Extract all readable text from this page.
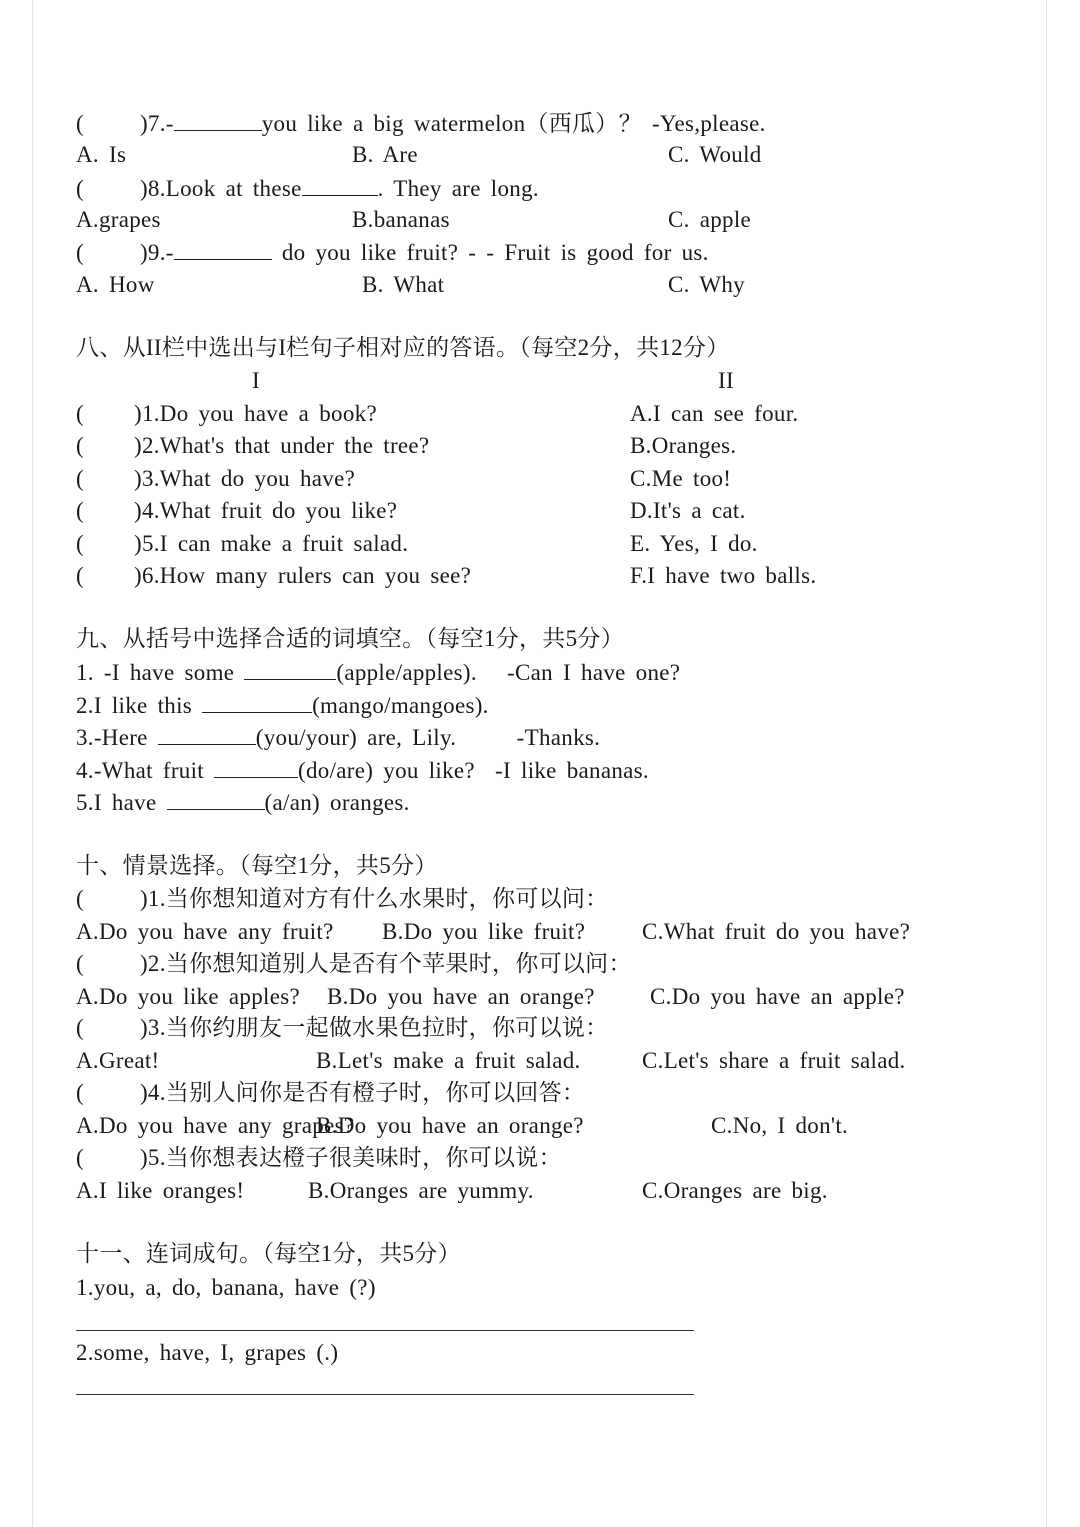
( )7.-	you like a big watermelon（西瓜）？ -Yes,please.
A. Is	B. Are	C. Would
( )8.Look at these	. They are long.
A.grapes	B.bananas	C. apple
( )9.-	do you like fruit? - - Fruit is good for us.
A. How	B. What	C. Why
八、从II栏中选出与I栏句子相对应的答语。（每空2分，共12分）
I	II
( )1.Do you have a book?	A.I can see four.
( )2.What's that under the tree?	B.Oranges.
( )3.What do you have?	C.Me too!
( )4.What fruit do you like?	D.It's a cat.
( )5.I can make a fruit salad.	E. Yes, I do.
( )6.How many rulers can you see?	F.I have two balls.
九、从括号中选择合适的词填空。（每空1分，共5分）
1. -I have some	(apple/apples). -Can I have one?
2.I like this	(mango/mangoes).
3.-Here	(you/your) are, Lily.	-Thanks.
4.-What fruit	(do/are) you like? -I like bananas.
5.I have	(a/an) oranges.
十、情景选择。（每空1分，共5分）
( )1.当你想知道对方有什么水果时，你可以问：
A.Do you have any fruit? B.Do you like fruit? C.What fruit do you have?
( )2.当你想知道别人是否有个苹果时，你可以问：
A.Do you like apples? B.Do you have an orange? C.Do you have an apple?
( )3.当你约朋友一起做水果色拉时，你可以说：
A.Great!	B.Let's make a fruit salad.	C.Let's share a fruit salad.
( )4.当别人问你是否有橙子时，你可以回答：
A.Do you have any grapes?
B.Do you have an orange?	C.No, I don't.
( )5.当你想表达橙子很美味时，你可以说：
A.I like oranges!	B.Oranges are yummy.	C.Oranges are big.
十一、连词成句。（每空1分，共5分）
1.you, a, do, banana, have (?)
2.some, have, I, grapes (.)
